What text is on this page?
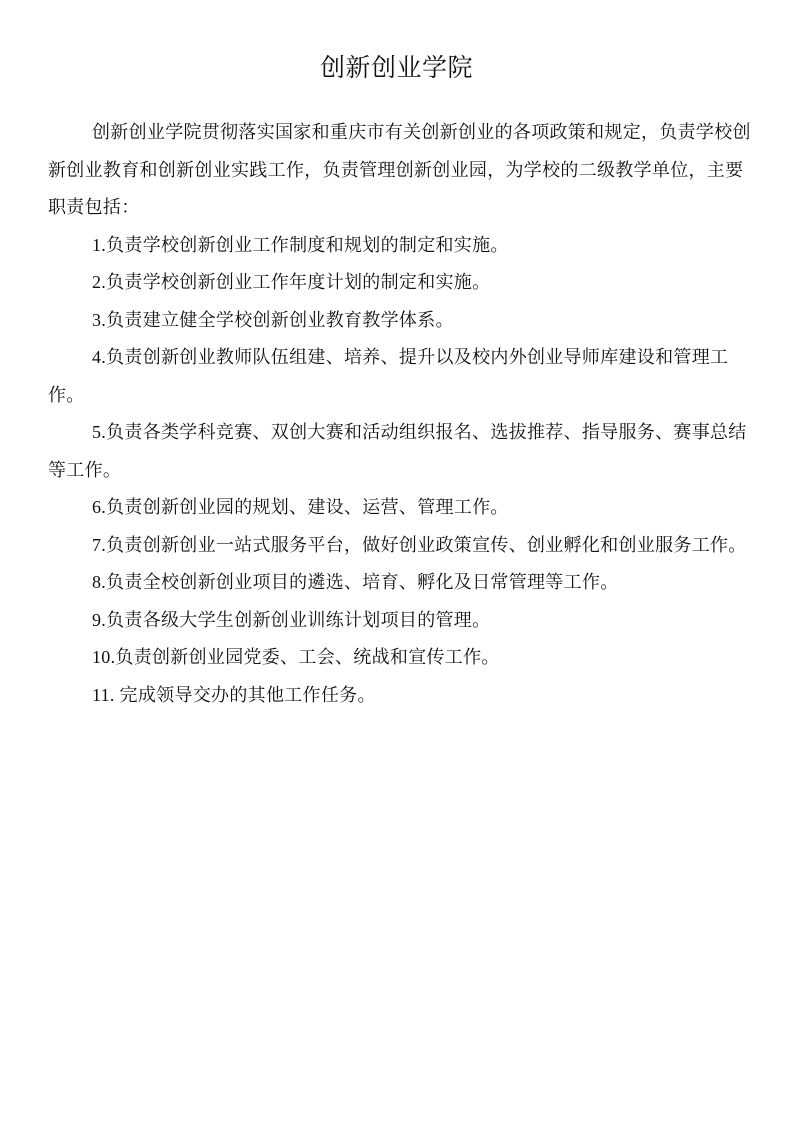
创新创业学院

创新创业学院贯彻落实国家和重庆市有关创新创业的各项政策和规定，负责学校创新创业教育和创新创业实践工作，负责管理创新创业园，为学校的二级教学单位，主要职责包括：

1.负责学校创新创业工作制度和规划的制定和实施。

2.负责学校创新创业工作年度计划的制定和实施。

3.负责建立健全学校创新创业教育教学体系。

4.负责创新创业教师队伍组建、培养、提升以及校内外创业导师库建设和管理工作。

5.负责各类学科竞赛、双创大赛和活动组织报名、选拔推荐、指导服务、赛事总结等工作。

6.负责创新创业园的规划、建设、运营、管理工作。

7.负责创新创业一站式服务平台，做好创业政策宣传、创业孵化和创业服务工作。

8.负责全校创新创业项目的遴选、培育、孵化及日常管理等工作。

9.负责各级大学生创新创业训练计划项目的管理。

10.负责创新创业园党委、工会、统战和宣传工作。

11. 完成领导交办的其他工作任务。
